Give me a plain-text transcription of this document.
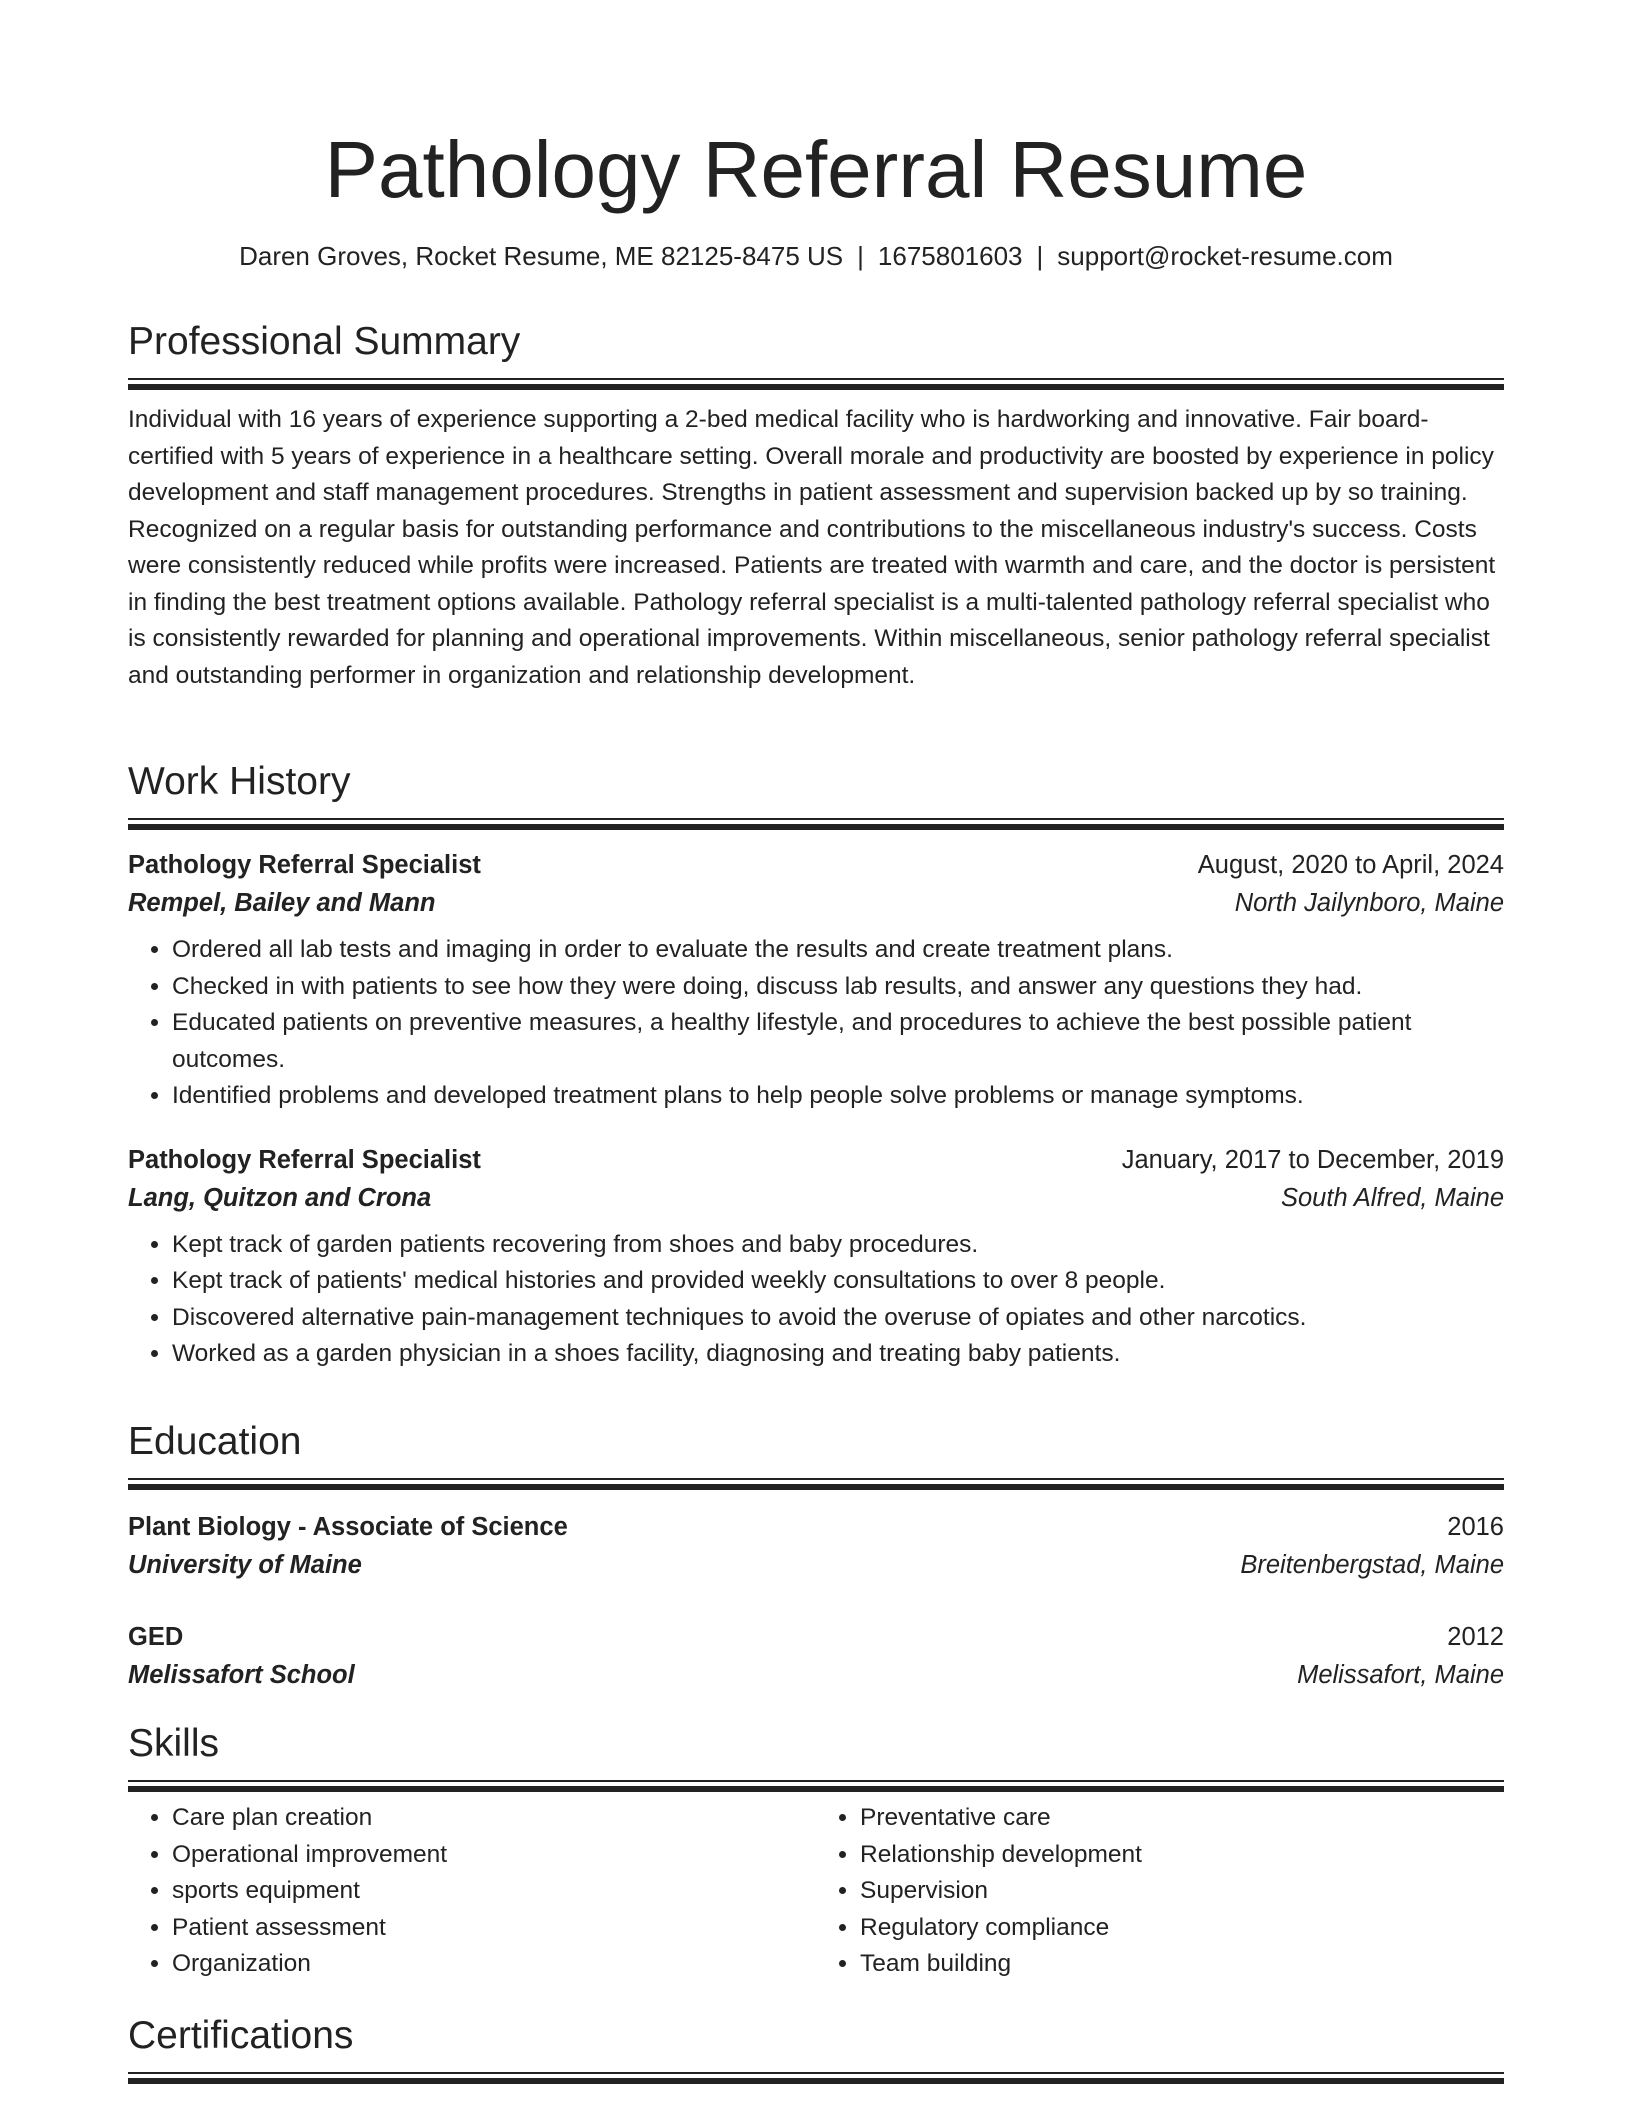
Pathology Referral Resume
Daren Groves, Rocket Resume, ME 82125-8475 US | 1675801603 | support@rocket-resume.com
Professional Summary
Individual with 16 years of experience supporting a 2-bed medical facility who is hardworking and innovative. Fair board-certified with 5 years of experience in a healthcare setting. Overall morale and productivity are boosted by experience in policy development and staff management procedures. Strengths in patient assessment and supervision backed up by so training. Recognized on a regular basis for outstanding performance and contributions to the miscellaneous industry's success. Costs were consistently reduced while profits were increased. Patients are treated with warmth and care, and the doctor is persistent in finding the best treatment options available. Pathology referral specialist is a multi-talented pathology referral specialist who is consistently rewarded for planning and operational improvements. Within miscellaneous, senior pathology referral specialist and outstanding performer in organization and relationship development.
Work History
Pathology Referral Specialist	August, 2020 to April, 2024
Rempel, Bailey and Mann	North Jailynboro, Maine
• Ordered all lab tests and imaging in order to evaluate the results and create treatment plans.
• Checked in with patients to see how they were doing, discuss lab results, and answer any questions they had.
• Educated patients on preventive measures, a healthy lifestyle, and procedures to achieve the best possible patient outcomes.
• Identified problems and developed treatment plans to help people solve problems or manage symptoms.
Pathology Referral Specialist	January, 2017 to December, 2019
Lang, Quitzon and Crona	South Alfred, Maine
• Kept track of garden patients recovering from shoes and baby procedures.
• Kept track of patients' medical histories and provided weekly consultations to over 8 people.
• Discovered alternative pain-management techniques to avoid the overuse of opiates and other narcotics.
• Worked as a garden physician in a shoes facility, diagnosing and treating baby patients.
Education
Plant Biology - Associate of Science	2016
University of Maine	Breitenbergstad, Maine
GED	2012
Melissafort School	Melissafort, Maine
Skills
• Care plan creation
• Operational improvement
• sports equipment
• Patient assessment
• Organization
• Preventative care
• Relationship development
• Supervision
• Regulatory compliance
• Team building
Certifications
